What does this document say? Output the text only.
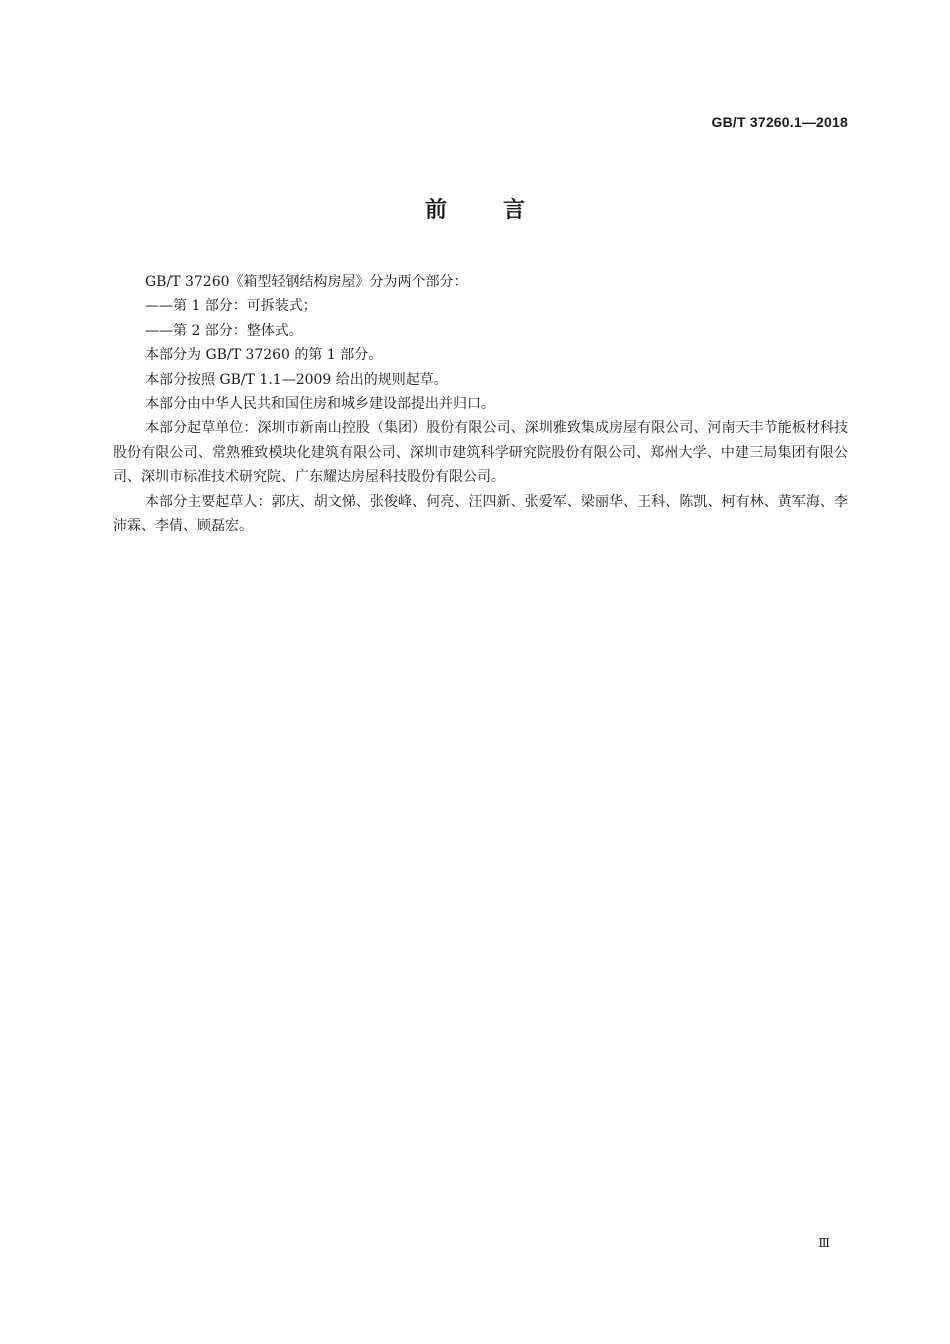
GB/T 37260.1—2018
前言

GB/T 37260《箱型轻钢结构房屋》分为两个部分：

——第 1 部分：可拆装式；

——第 2 部分：整体式。

本部分为 GB/T 37260 的第 1 部分。

本部分按照 GB/T 1.1—2009 给出的规则起草。

本部分由中华人民共和国住房和城乡建设部提出并归口。

本部分起草单位：深圳市新南山控股（集团）股份有限公司、深圳雅致集成房屋有限公司、河南天丰节能板材科技股份有限公司、常熟雅致模块化建筑有限公司、深圳市建筑科学研究院股份有限公司、郑州大学、中建三局集团有限公司、深圳市标准技术研究院、广东耀达房屋科技股份有限公司。

本部分主要起草人：郭庆、胡文悌、张俊峰、何亮、汪四新、张爱军、梁丽华、王科、陈凯、柯有林、黄军海、李沛霖、李倩、顾磊宏。

Ⅲ
